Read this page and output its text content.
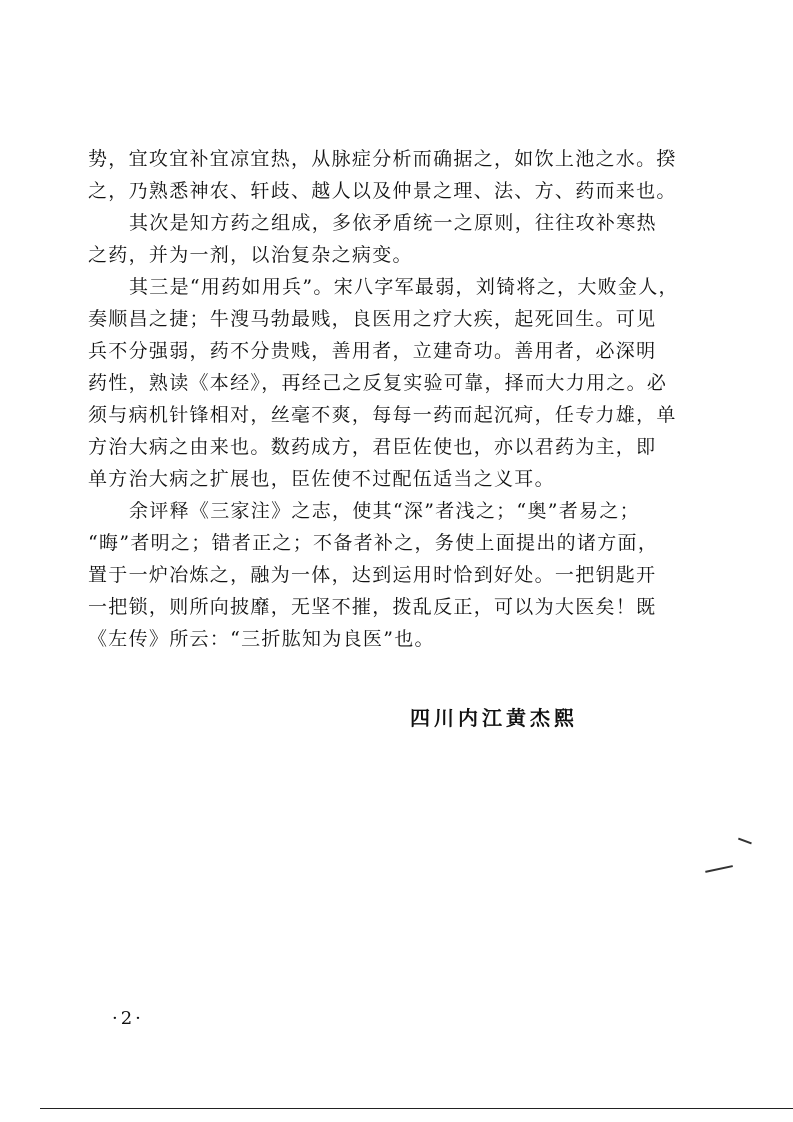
势，宜攻宜补宜凉宜热，从脉症分析而确据之，如饮上池之水。揆
之，乃熟悉神农、轩歧、越人以及仲景之理、法、方、药而来也。
其次是知方药之组成，多依矛盾统一之原则，往往攻补寒热
之药，并为一剂，以治复杂之病变。
其三是“用药如用兵”。宋八字军最弱，刘锜将之，大败金人，
奏顺昌之捷；牛溲马勃最贱，良医用之疗大疾，起死回生。可见
兵不分强弱，药不分贵贱，善用者，立建奇功。善用者，必深明
药性，熟读《本经》，再经己之反复实验可靠，择而大力用之。必
须与病机针锋相对，丝毫不爽，每每一药而起沉疴，任专力雄，单
方治大病之由来也。数药成方，君臣佐使也，亦以君药为主，即
单方治大病之扩展也，臣佐使不过配伍适当之义耳。
余评释《三家注》之志，使其“深”者浅之；“奥”者易之；
“晦”者明之；错者正之；不备者补之，务使上面提出的诸方面，
置于一炉冶炼之，融为一体，达到运用时恰到好处。一把钥匙开
一把锁，则所向披靡，无坚不摧，拨乱反正，可以为大医矣！既
《左传》所云：“三折肱知为良医”也。
四川内江黄杰熙
·2·
